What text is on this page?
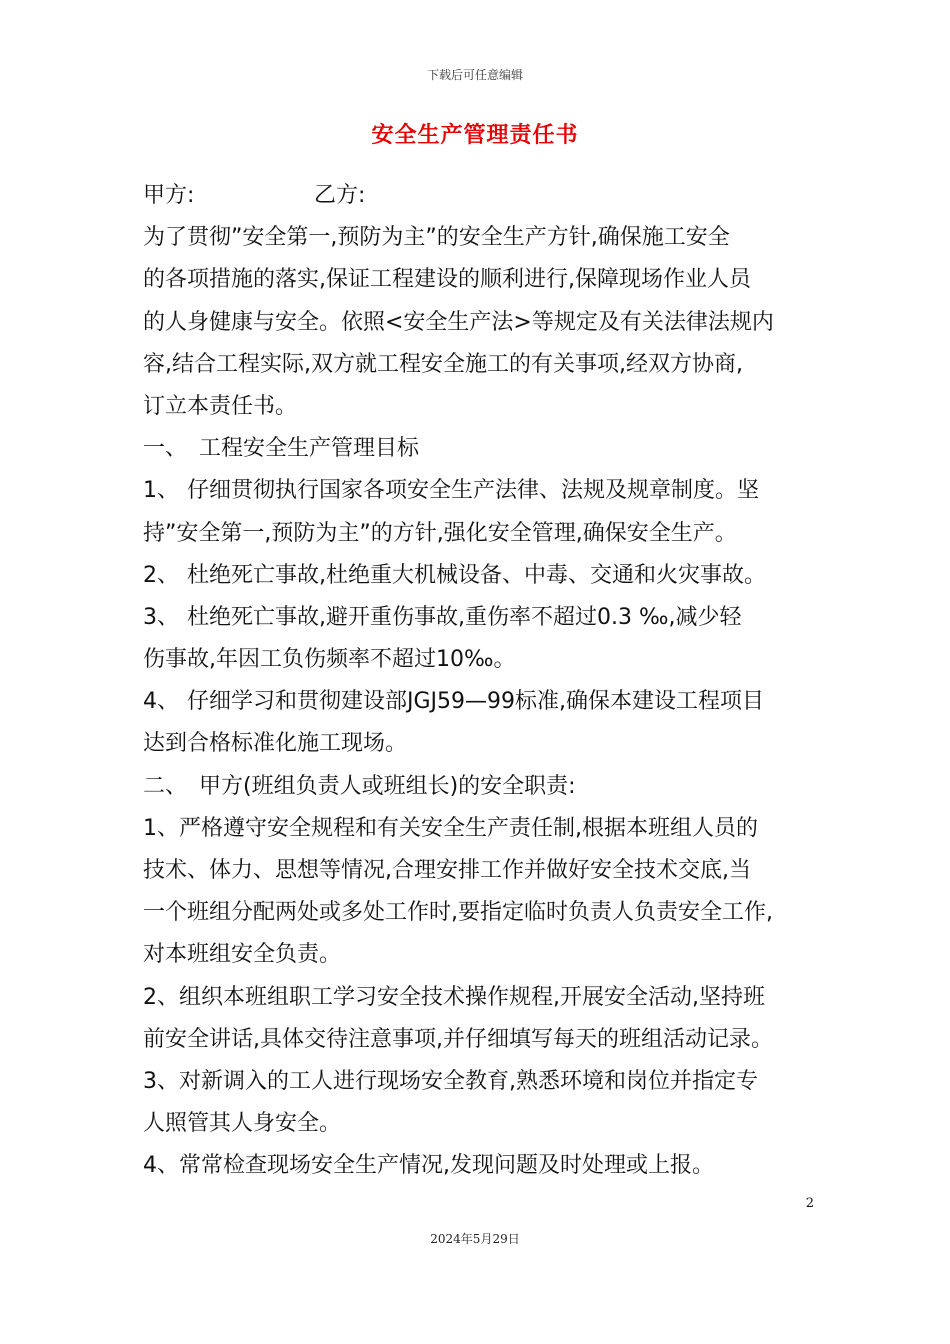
下载后可任意编辑
安全生产管理责任书
甲方:	乙方:
为了贯彻”安全第一,预防为主”的安全生产方针,确保施工安全
的各项措施的落实,保证工程建设的顺利进行,保障现场作业人员
的人身健康与安全。依照<安全生产法>等规定及有关法律法规内
容,结合工程实际,双方就工程安全施工的有关事项,经双方协商,
订立本责任书。
一、 工程安全生产管理目标
1、 仔细贯彻执行国家各项安全生产法律、法规及规章制度。坚
持”安全第一,预防为主”的方针,强化安全管理,确保安全生产。
2、 杜绝死亡事故,杜绝重大机械设备、中毒、交通和火灾事故。
3、 杜绝死亡事故,避开重伤事故,重伤率不超过0.3 ‰,减少轻
伤事故,年因工负伤频率不超过10‰。
4、 仔细学习和贯彻建设部JGJ59—99标准,确保本建设工程项目
达到合格标准化施工现场。
二、 甲方(班组负责人或班组长)的安全职责:
1、严格遵守安全规程和有关安全生产责任制,根据本班组人员的
技术、体力、思想等情况,合理安排工作并做好安全技术交底,当
一个班组分配两处或多处工作时,要指定临时负责人负责安全工作,
对本班组安全负责。
2、组织本班组职工学习安全技术操作规程,开展安全活动,坚持班
前安全讲话,具体交待注意事项,并仔细填写每天的班组活动记录。
3、对新调入的工人进行现场安全教育,熟悉环境和岗位并指定专
人照管其人身安全。
4、常常检查现场安全生产情况,发现问题及时处理或上报。
2
2024年5月29日
